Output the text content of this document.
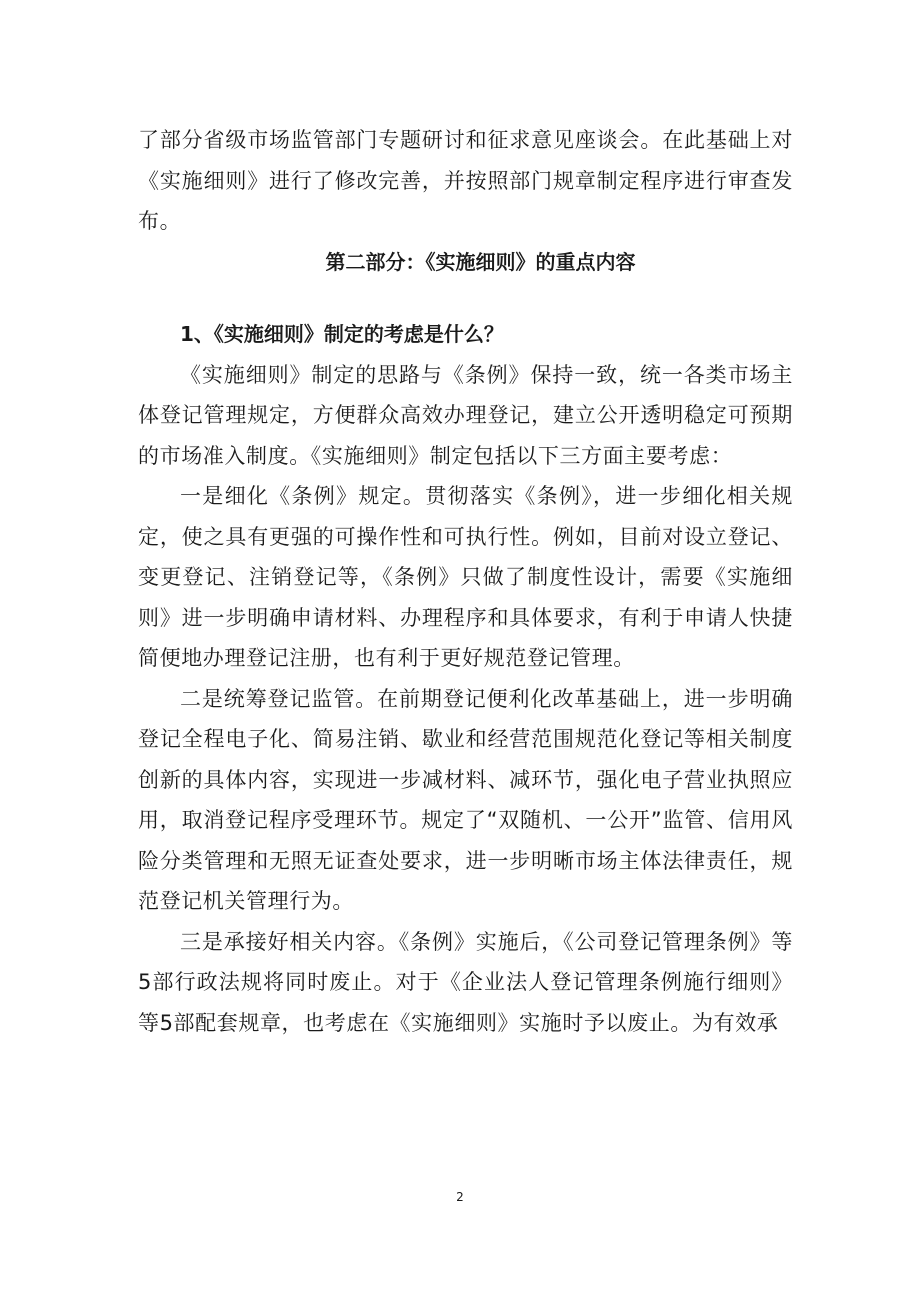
了部分省级市场监管部门专题研讨和征求意见座谈会。在此基础上对《实施细则》进行了修改完善，并按照部门规章制定程序进行审查发布。

第二部分：《实施细则》的重点内容

1、《实施细则》制定的考虑是什么？

《实施细则》制定的思路与《条例》保持一致，统一各类市场主体登记管理规定，方便群众高效办理登记，建立公开透明稳定可预期的市场准入制度。《实施细则》制定包括以下三方面主要考虑：

一是细化《条例》规定。贯彻落实《条例》，进一步细化相关规定，使之具有更强的可操作性和可执行性。例如，目前对设立登记、变更登记、注销登记等，《条例》只做了制度性设计，需要《实施细则》进一步明确申请材料、办理程序和具体要求，有利于申请人快捷简便地办理登记注册，也有利于更好规范登记管理。

二是统筹登记监管。在前期登记便利化改革基础上，进一步明确登记全程电子化、简易注销、歇业和经营范围规范化登记等相关制度创新的具体内容，实现进一步减材料、减环节，强化电子营业执照应用，取消登记程序受理环节。规定了“双随机、一公开”监管、信用风险分类管理和无照无证查处要求，进一步明晰市场主体法律责任，规范登记机关管理行为。

三是承接好相关内容。《条例》实施后，《公司登记管理条例》等5部行政法规将同时废止。对于《企业法人登记管理条例施行细则》等5部配套规章，也考虑在《实施细则》实施时予以废止。为有效承

2
